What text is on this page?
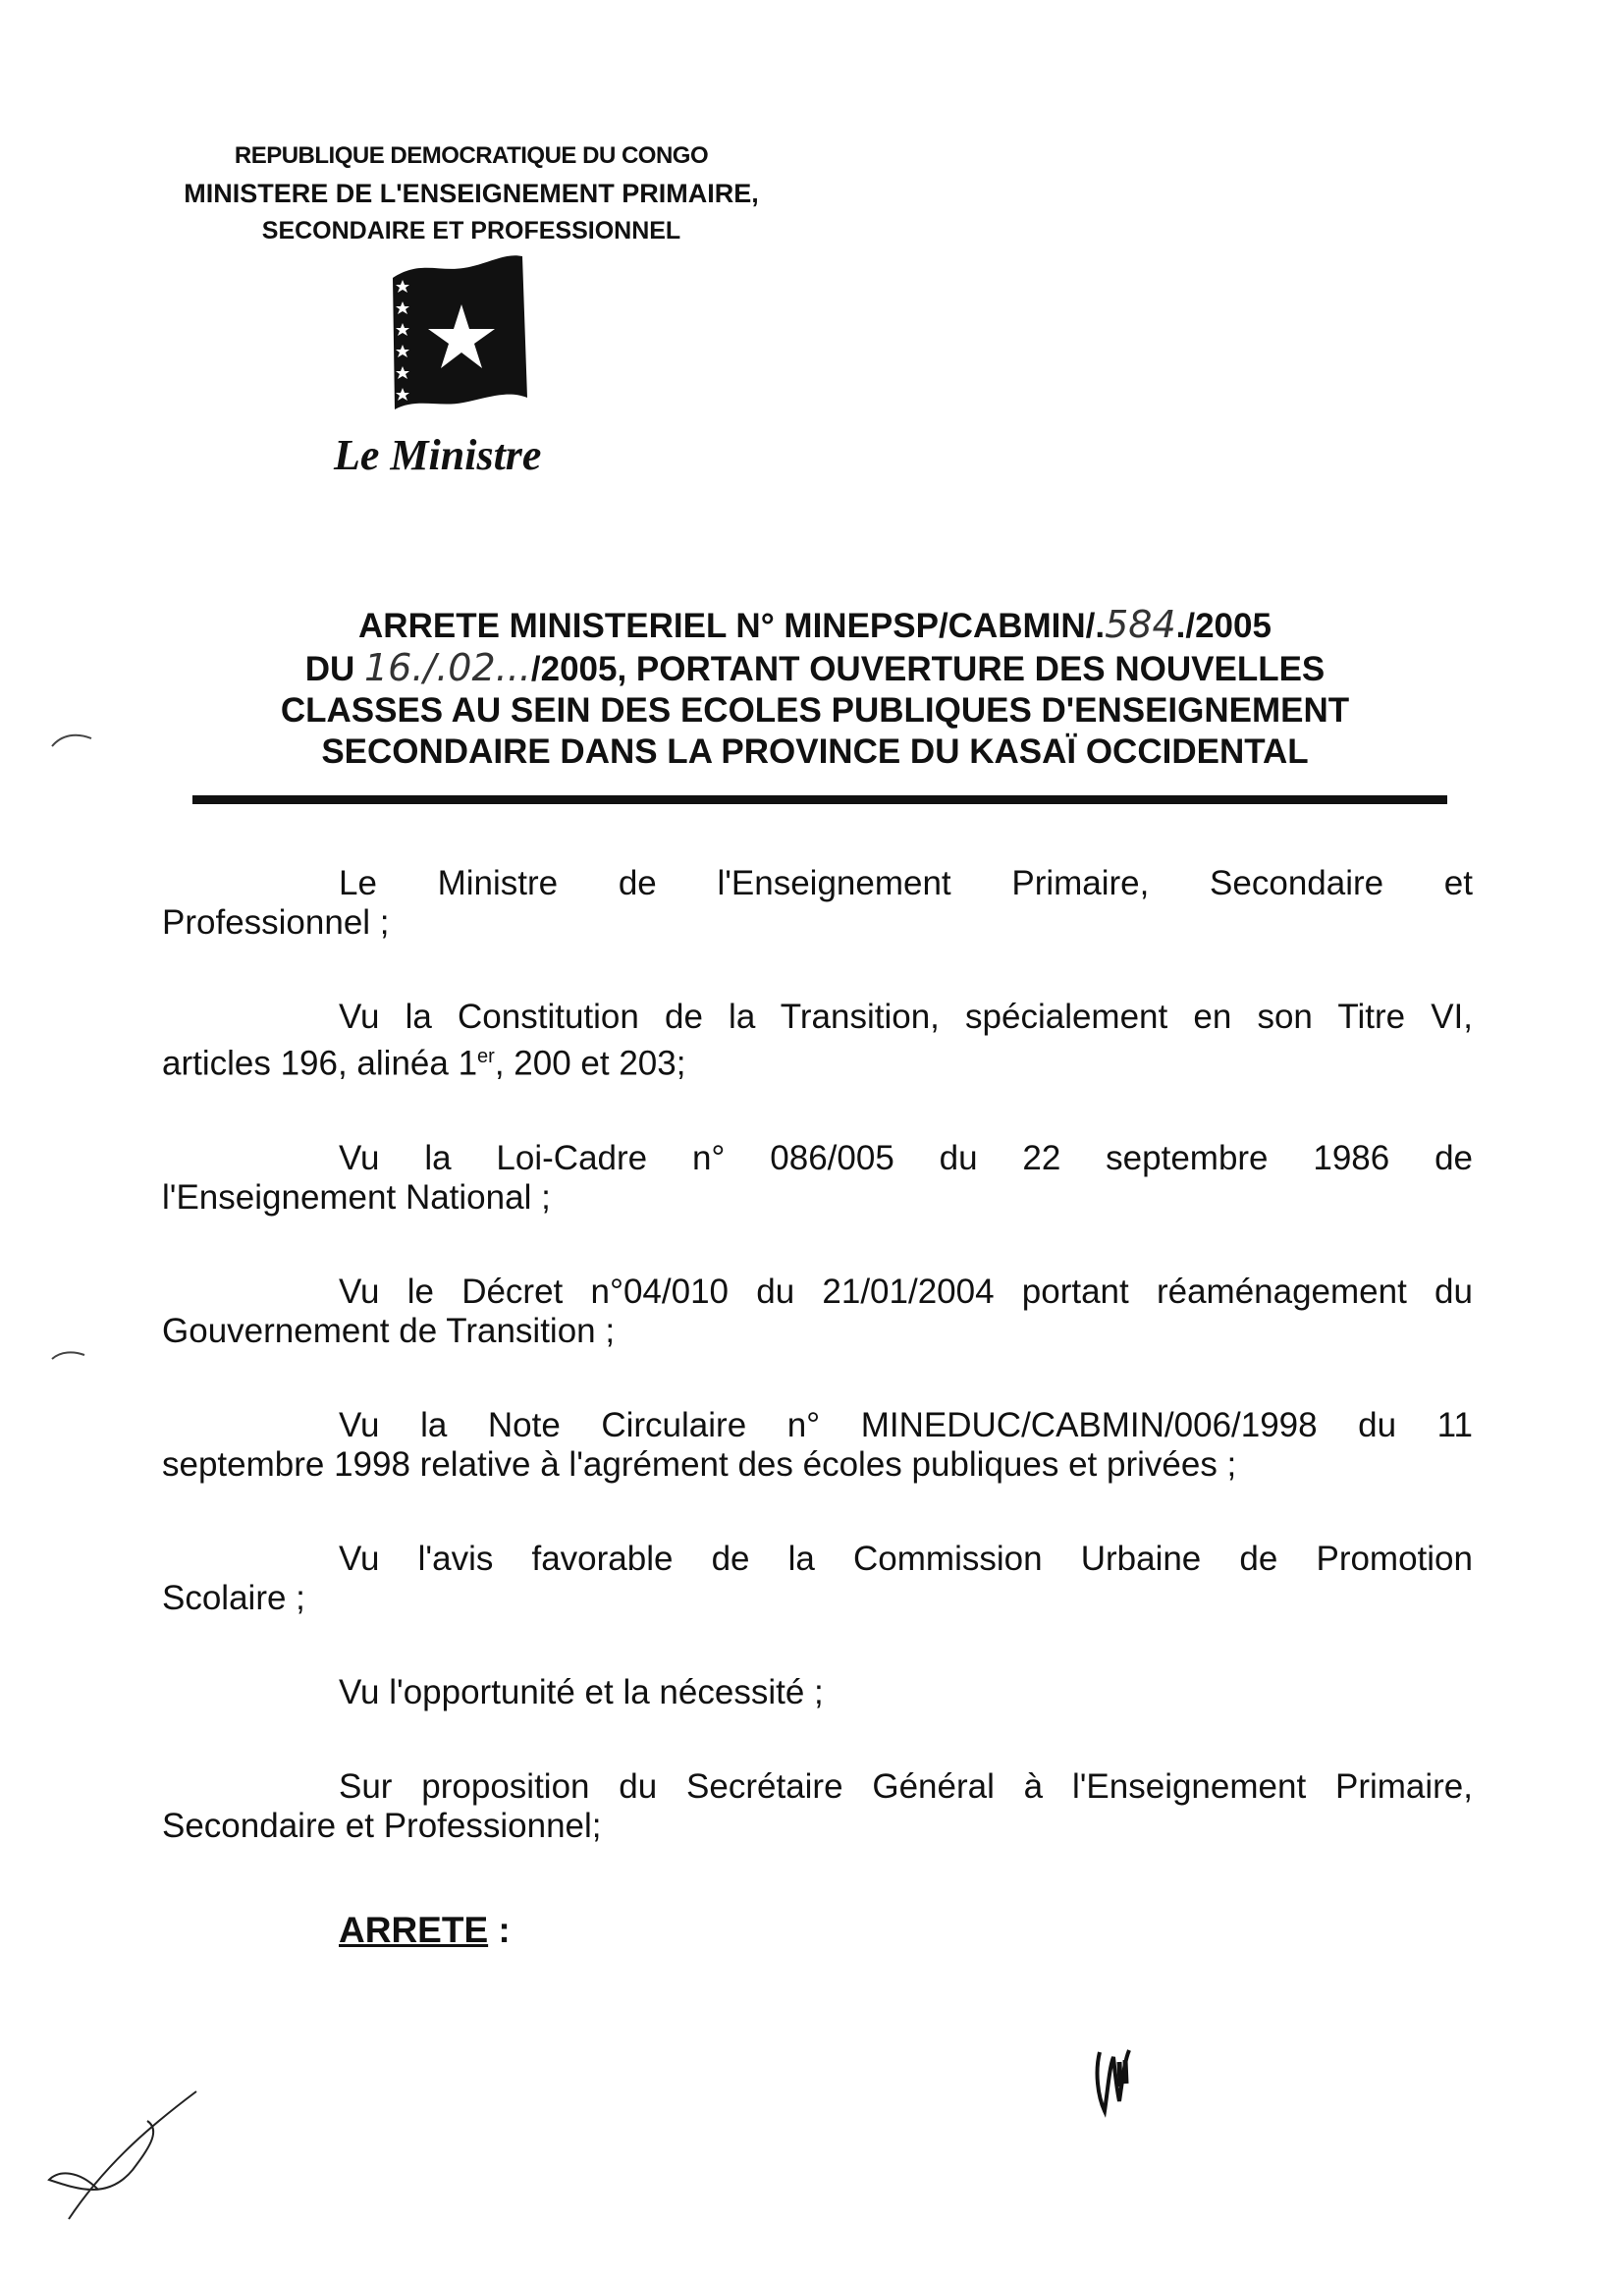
REPUBLIQUE DEMOCRATIQUE DU CONGO
MINISTERE DE L'ENSEIGNEMENT PRIMAIRE,
SECONDAIRE ET PROFESSIONNEL
Le Ministre
ARRETE MINISTERIEL N° MINEPSP/CABMIN/.584./2005
DU 16./.02.../2005, PORTANT OUVERTURE DES NOUVELLES
CLASSES AU SEIN DES ECOLES PUBLIQUES D'ENSEIGNEMENT
SECONDAIRE DANS LA PROVINCE DU KASAÏ OCCIDENTAL

Le Ministre de l'Enseignement Primaire, Secondaire et
Professionnel ;

Vu la Constitution de la Transition, spécialement en son Titre VI,
articles 196, alinéa 1er, 200 et 203;

Vu la Loi-Cadre n° 086/005 du 22 septembre 1986 de
l'Enseignement National ;

Vu le Décret n°04/010 du 21/01/2004 portant réaménagement du
Gouvernement de Transition ;

Vu la Note Circulaire n° MINEDUC/CABMIN/006/1998 du 11
septembre 1998 relative à l'agrément des écoles publiques et privées ;

Vu l'avis favorable de la Commission Urbaine de Promotion
Scolaire ;

Vu l'opportunité et la nécessité ;

Sur proposition du Secrétaire Général à l'Enseignement Primaire,
Secondaire et Professionnel;

ARRETE :
